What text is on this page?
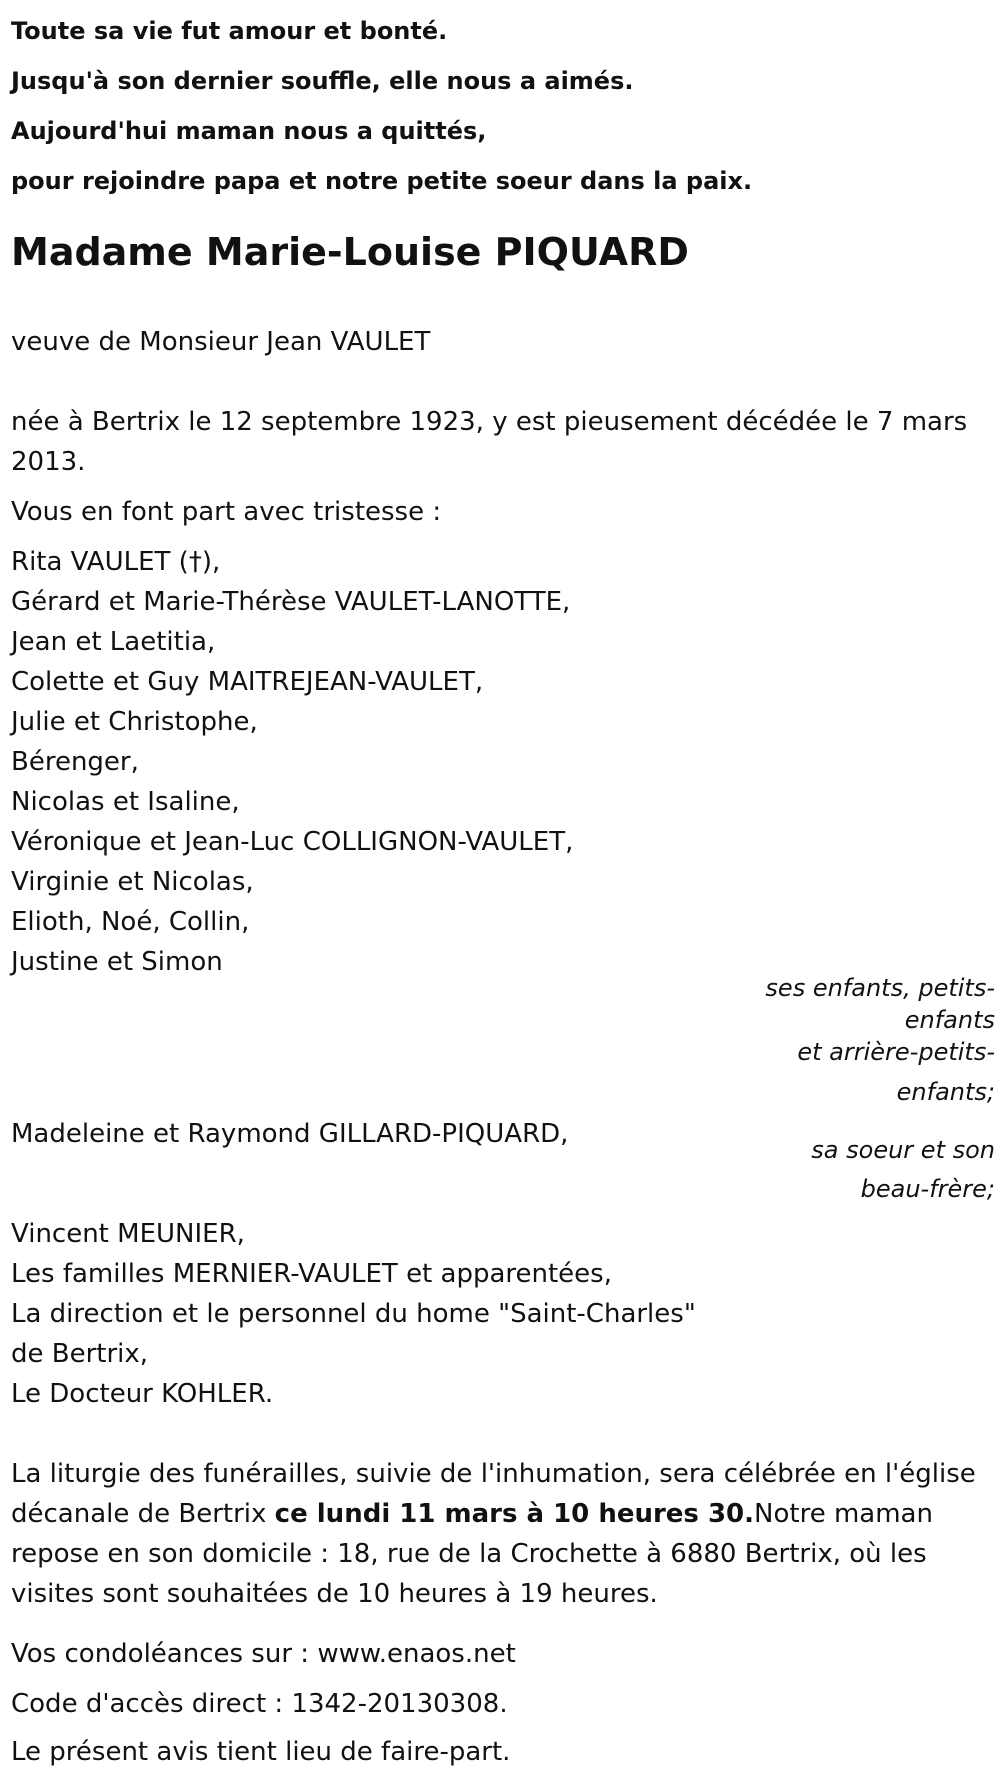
Toute sa vie fut amour et bonté.
Jusqu'à son dernier souffle, elle nous a aimés.
Aujourd'hui maman nous a quittés,
pour rejoindre papa et notre petite soeur dans la paix.
Madame Marie-Louise PIQUARD
veuve de Monsieur Jean VAULET
née à Bertrix le 12 septembre 1923, y est pieusement décédée le 7 mars
2013.
Vous en font part avec tristesse :
Rita VAULET (†),
Gérard et Marie-Thérèse VAULET-LANOTTE,
Jean et Laetitia,
Colette et Guy MAITREJEAN-VAULET,
Julie et Christophe,
Bérenger,
Nicolas et Isaline,
Véronique et Jean-Luc COLLIGNON-VAULET,
Virginie et Nicolas,
Elioth, Noé, Collin,
Justine et Simon
ses enfants, petits-
enfants
et arrière-petits-
enfants;
Madeleine et Raymond GILLARD-PIQUARD,
sa soeur et son
beau-frère;
Vincent MEUNIER,
Les familles MERNIER-VAULET et apparentées,
La direction et le personnel du home "Saint-Charles"
de Bertrix,
Le Docteur KOHLER.
La liturgie des funérailles, suivie de l'inhumation, sera célébrée en l'église décanale de Bertrix ce lundi 11 mars à 10 heures 30.Notre maman repose en son domicile : 18, rue de la Crochette à 6880 Bertrix, où les visites sont souhaitées de 10 heures à 19 heures.
Vos condoléances sur : www.enaos.net
Code d'accès direct : 1342-20130308.
Le présent avis tient lieu de faire-part.
